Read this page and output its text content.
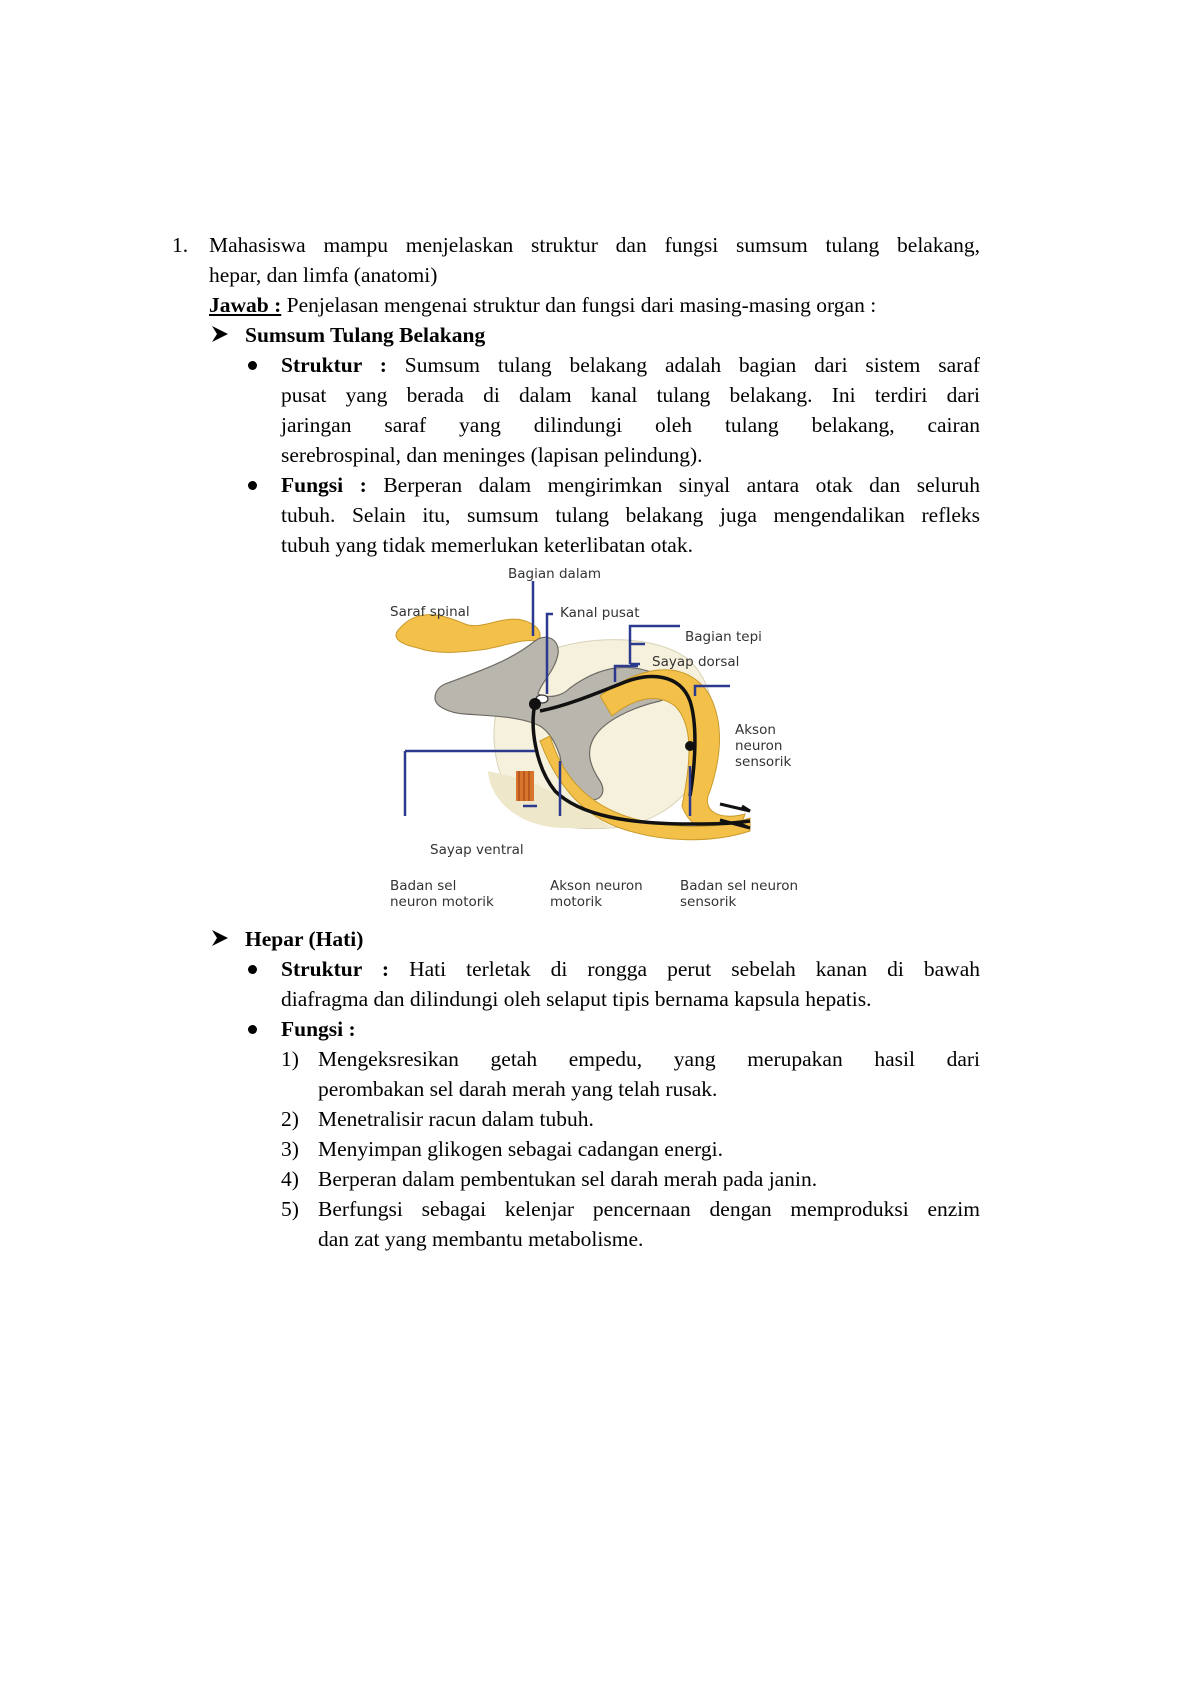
1. Mahasiswa mampu menjelaskan struktur dan fungsi sumsum tulang belakang,
hepar, dan limfa (anatomi)
Jawab : Penjelasan mengenai struktur dan fungsi dari masing-masing organ :
Sumsum Tulang Belakang
Struktur : Sumsum tulang belakang adalah bagian dari sistem saraf
pusat yang berada di dalam kanal tulang belakang. Ini terdiri dari
jaringan saraf yang dilindungi oleh tulang belakang, cairan
serebrospinal, dan meninges (lapisan pelindung).
Fungsi : Berperan dalam mengirimkan sinyal antara otak dan seluruh
tubuh. Selain itu, sumsum tulang belakang juga mengendalikan refleks
tubuh yang tidak memerlukan keterlibatan otak.
Bagian dalam
Saraf spinal	Kanal pusat
Bagian tepi
Sayap dorsal
Akson
neuron
sensorik
Sayap ventral
Badan sel
neuron motorik
Akson neuron
motorik
Badan sel neuron
sensorik
Hepar (Hati)
Struktur : Hati terletak di rongga perut sebelah kanan di bawah
diafragma dan dilindungi oleh selaput tipis bernama kapsula hepatis.
Fungsi :
1) Mengeksresikan getah empedu, yang merupakan hasil dari
perombakan sel darah merah yang telah rusak.
2) Menetralisir racun dalam tubuh.
3) Menyimpan glikogen sebagai cadangan energi.
4) Berperan dalam pembentukan sel darah merah pada janin.
5) Berfungsi sebagai kelenjar pencernaan dengan memproduksi enzim
dan zat yang membantu metabolisme.
